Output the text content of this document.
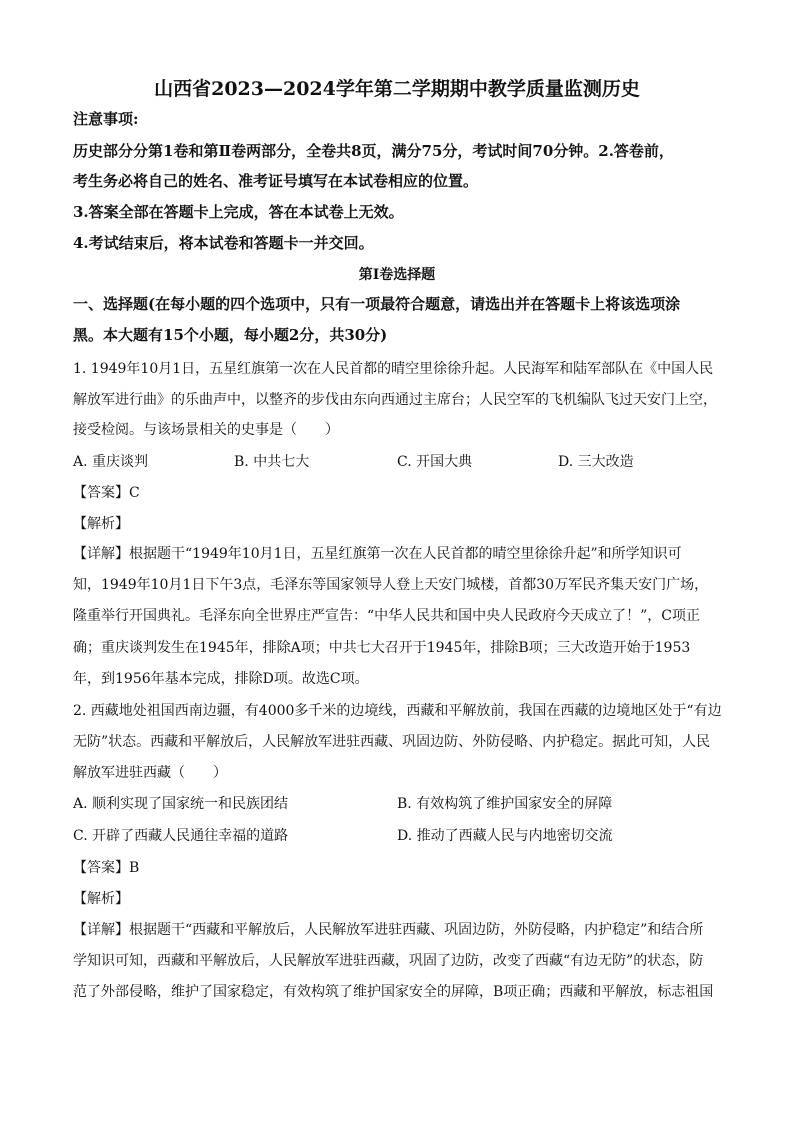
山西省2023—2024学年第二学期期中教学质量监测历史
注意事项:
历史部分分第1卷和第Ⅱ卷两部分，全卷共8页，满分75分，考试时间70分钟。2.答卷前，
考生务必将自己的姓名、准考证号填写在本试卷相应的位置。
3.答案全部在答题卡上完成，答在本试卷上无效。
4.考试结束后，将本试卷和答题卡一并交回。
第Ⅰ卷选择题
一、选择题(在每小题的四个选项中，只有一项最符合题意，请选出并在答题卡上将该选项涂
黑。本大题有15个小题，每小题2分，共30分)
1. 1949年10月1日，五星红旗第一次在人民首都的晴空里徐徐升起。人民海军和陆军部队在《中国人民
解放军进行曲》的乐曲声中，以整齐的步伐由东向西通过主席台；人民空军的飞机编队飞过天安门上空，
接受检阅。与该场景相关的史事是（　　）
A. 重庆谈判	B. 中共七大	C. 开国大典	D. 三大改造
【答案】C
【解析】
【详解】根据题干“1949年10月1日，五星红旗第一次在人民首都的晴空里徐徐升起”和所学知识可
知，1949年10月1日下午3点，毛泽东等国家领导人登上天安门城楼，首都30万军民齐集天安门广场，
隆重举行开国典礼。毛泽东向全世界庄严宣告：“中华人民共和国中央人民政府今天成立了！”，C项正
确；重庆谈判发生在1945年，排除A项；中共七大召开于1945年，排除B项；三大改造开始于1953
年，到1956年基本完成，排除D项。故选C项。
2. 西藏地处祖国西南边疆，有4000多千米的边境线，西藏和平解放前，我国在西藏的边境地区处于“有边
无防”状态。西藏和平解放后，人民解放军进驻西藏、巩固边防、外防侵略、内护稳定。据此可知，人民
解放军进驻西藏（　　）
A. 顺利实现了国家统一和民族团结	B. 有效构筑了维护国家安全的屏障
C. 开辟了西藏人民通往幸福的道路	D. 推动了西藏人民与内地密切交流
【答案】B
【解析】
【详解】根据题干“西藏和平解放后，人民解放军进驻西藏、巩固边防，外防侵略，内护稳定”和结合所
学知识可知，西藏和平解放后，人民解放军进驻西藏，巩固了边防，改变了西藏“有边无防”的状态，防
范了外部侵略，维护了国家稳定，有效构筑了维护国家安全的屏障，B项正确；西藏和平解放，标志祖国
